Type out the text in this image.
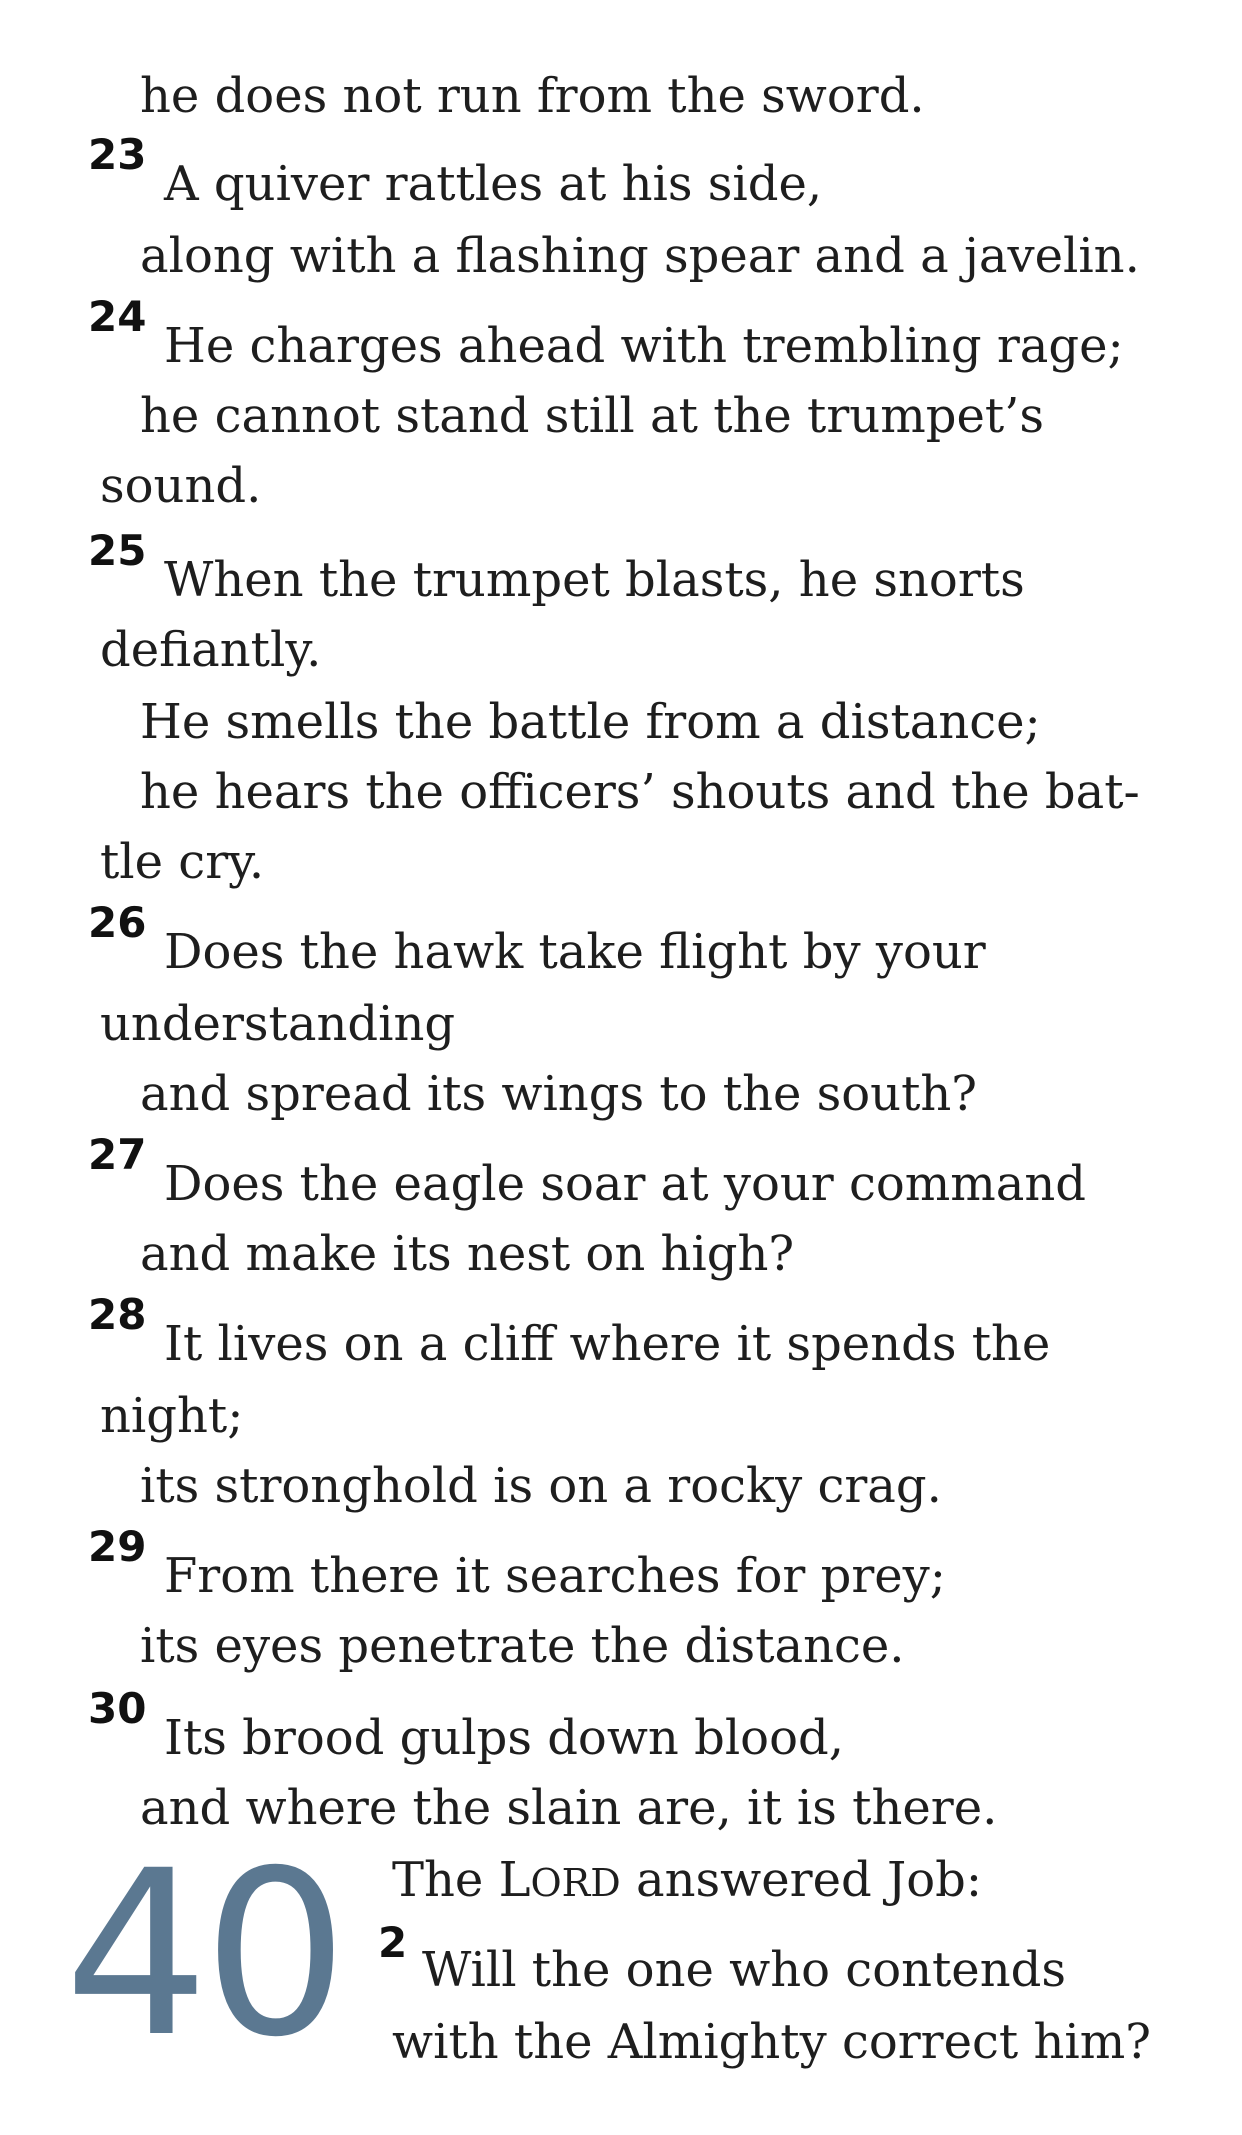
he does not run from the sword.
23
A quiver rattles at his side,
along with a flashing spear and a javelin.
24
He charges ahead with trembling rage;
he cannot stand still at the trumpet’s
sound.
25
When the trumpet blasts, he snorts
defiantly.
He smells the battle from a distance;
he hears the officers’ shouts and the bat-
tle cry.
26
Does the hawk take flight by your
understanding
and spread its wings to the south?
27
Does the eagle soar at your command
and make its nest on high?
28
It lives on a cliff where it spends the
night;
its stronghold is on a rocky crag.
29
From there it searches for prey;
its eyes penetrate the distance.
30
Its brood gulps down blood,
and where the slain are, it is there.
40 The LORD answered Job:
2 Will the one who contends
with the Almighty correct him?
